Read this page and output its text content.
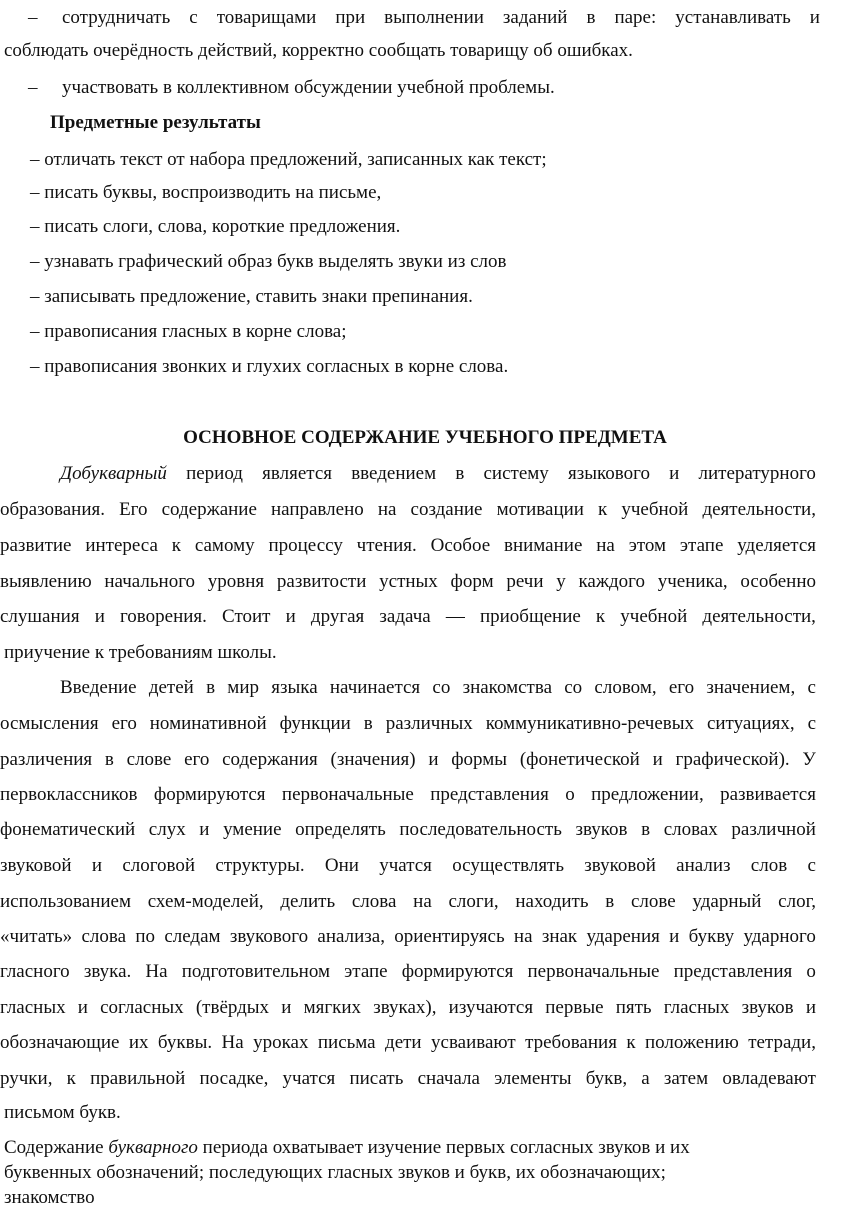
– сотрудничать с товарищами при выполнении заданий в паре: устанавливать и
соблюдать очерёдность действий, корректно сообщать товарищу об ошибках.
– участвовать в коллективном обсуждении учебной проблемы.
Предметные результаты
– отличать текст от набора предложений, записанных как текст;
– писать буквы, воспроизводить на письме,
– писать слоги, слова, короткие предложения.
– узнавать графический образ букв выделять звуки из слов
– записывать предложение, ставить знаки препинания.
– правописания гласных в корне слова;
– правописания звонких и глухих согласных в корне слова.
ОСНОВНОЕ СОДЕРЖАНИЕ УЧЕБНОГО ПРЕДМЕТА
Добукварный период является введением в систему языкового и литературного
образования. Его содержание направлено на создание мотивации к учебной деятельности,
развитие интереса к самому процессу чтения. Особое внимание на этом этапе уделяется
выявлению начального уровня развитости устных форм речи у каждого ученика, особенно
слушания и говорения. Стоит и другая задача — приобщение к учебной деятельности,
приучение к требованиям школы.
Введение детей в мир языка начинается со знакомства со словом, его значением, с
осмысления его номинативной функции в различных коммуникативно-речевых ситуациях, с
различения в слове его содержания (значения) и формы (фонетической и графической). У
первоклассников формируются первоначальные представления о предложении, развивается
фонематический слух и умение определять последовательность звуков в словах различной
звуковой и слоговой структуры. Они учатся осуществлять звуковой анализ слов с
использованием схем-моделей, делить слова на слоги, находить в слове ударный слог,
«читать» слова по следам звукового анализа, ориентируясь на знак ударения и букву ударного
гласного звука. На подготовительном этапе формируются первоначальные представления о
гласных и согласных (твёрдых и мягких звуках), изучаются первые пять гласных звуков и
обозначающие их буквы. На уроках письма дети усваивают требования к положению тетради,
ручки, к правильной посадке, учатся писать сначала элементы букв, а затем овладевают
письмом букв.
Содержание букварного периода охватывает изучение первых согласных звуков и их
буквенных обозначений; последующих гласных звуков и букв, их обозначающих;
знакомство
